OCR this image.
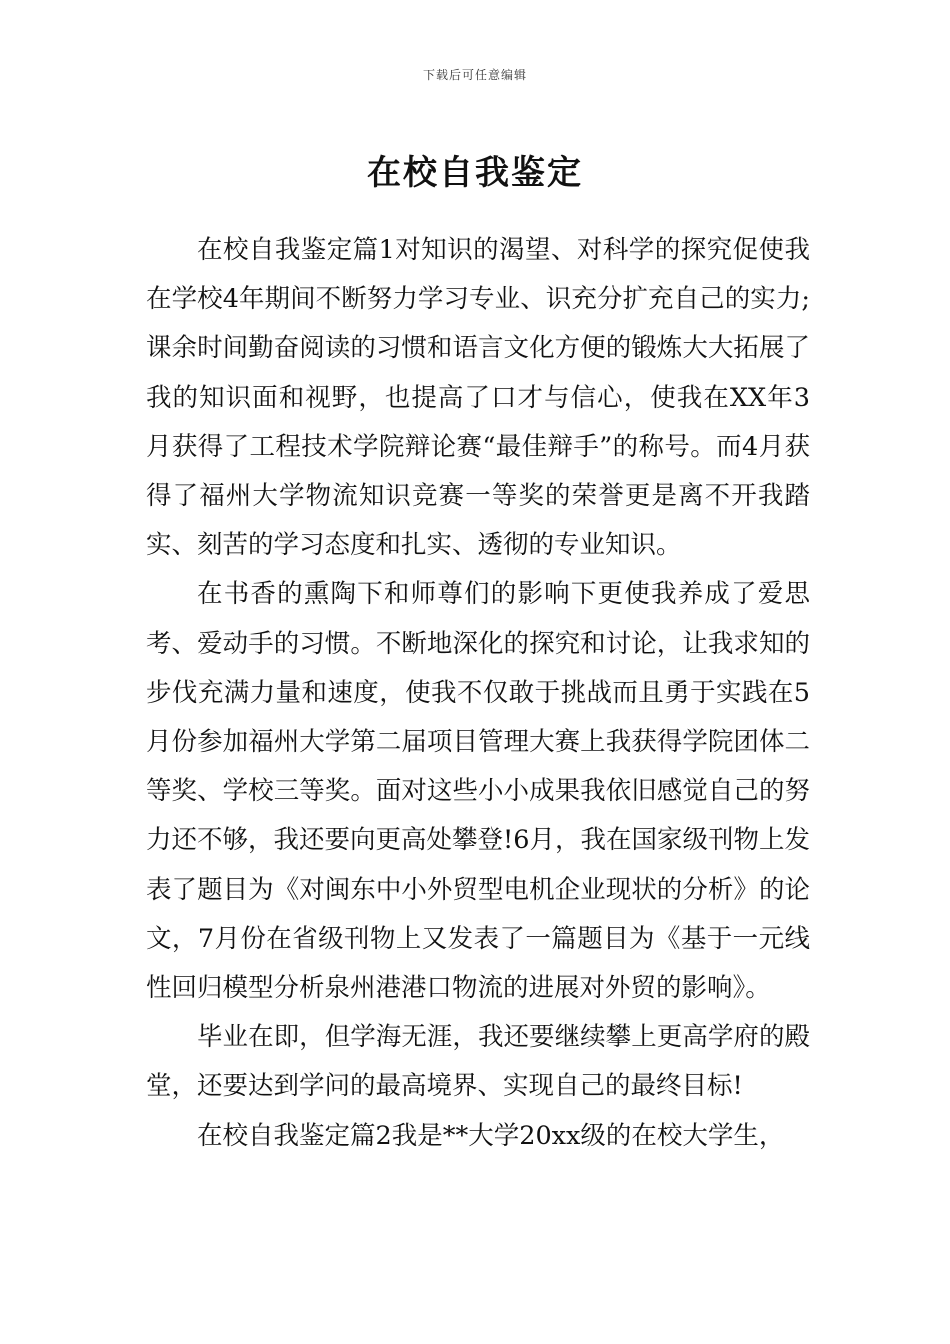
下载后可任意编辑
在校自我鉴定

在校自我鉴定篇1对知识的渴望、对科学的探究促使我在学校4年期间不断努力学习专业、识充分扩充自己的实力;课余时间勤奋阅读的习惯和语言文化方便的锻炼大大拓展了我的知识面和视野，也提高了口才与信心，使我在XX年3月获得了工程技术学院辩论赛“最佳辩手”的称号。而4月获得了福州大学物流知识竞赛一等奖的荣誉更是离不开我踏实、刻苦的学习态度和扎实、透彻的专业知识。

在书香的熏陶下和师尊们的影响下更使我养成了爱思考、爱动手的习惯。不断地深化的探究和讨论，让我求知的步伐充满力量和速度，使我不仅敢于挑战而且勇于实践在5月份参加福州大学第二届项目管理大赛上我获得学院团体二等奖、学校三等奖。面对这些小小成果我依旧感觉自己的努力还不够，我还要向更高处攀登!6月，我在国家级刊物上发表了题目为《对闽东中小外贸型电机企业现状的分析》的论文，7月份在省级刊物上又发表了一篇题目为《基于一元线性回归模型分析泉州港港口物流的进展对外贸的影响》。

毕业在即，但学海无涯，我还要继续攀上更高学府的殿堂，还要达到学问的最高境界、实现自己的最终目标!

在校自我鉴定篇2我是**大学20xx级的在校大学生，
